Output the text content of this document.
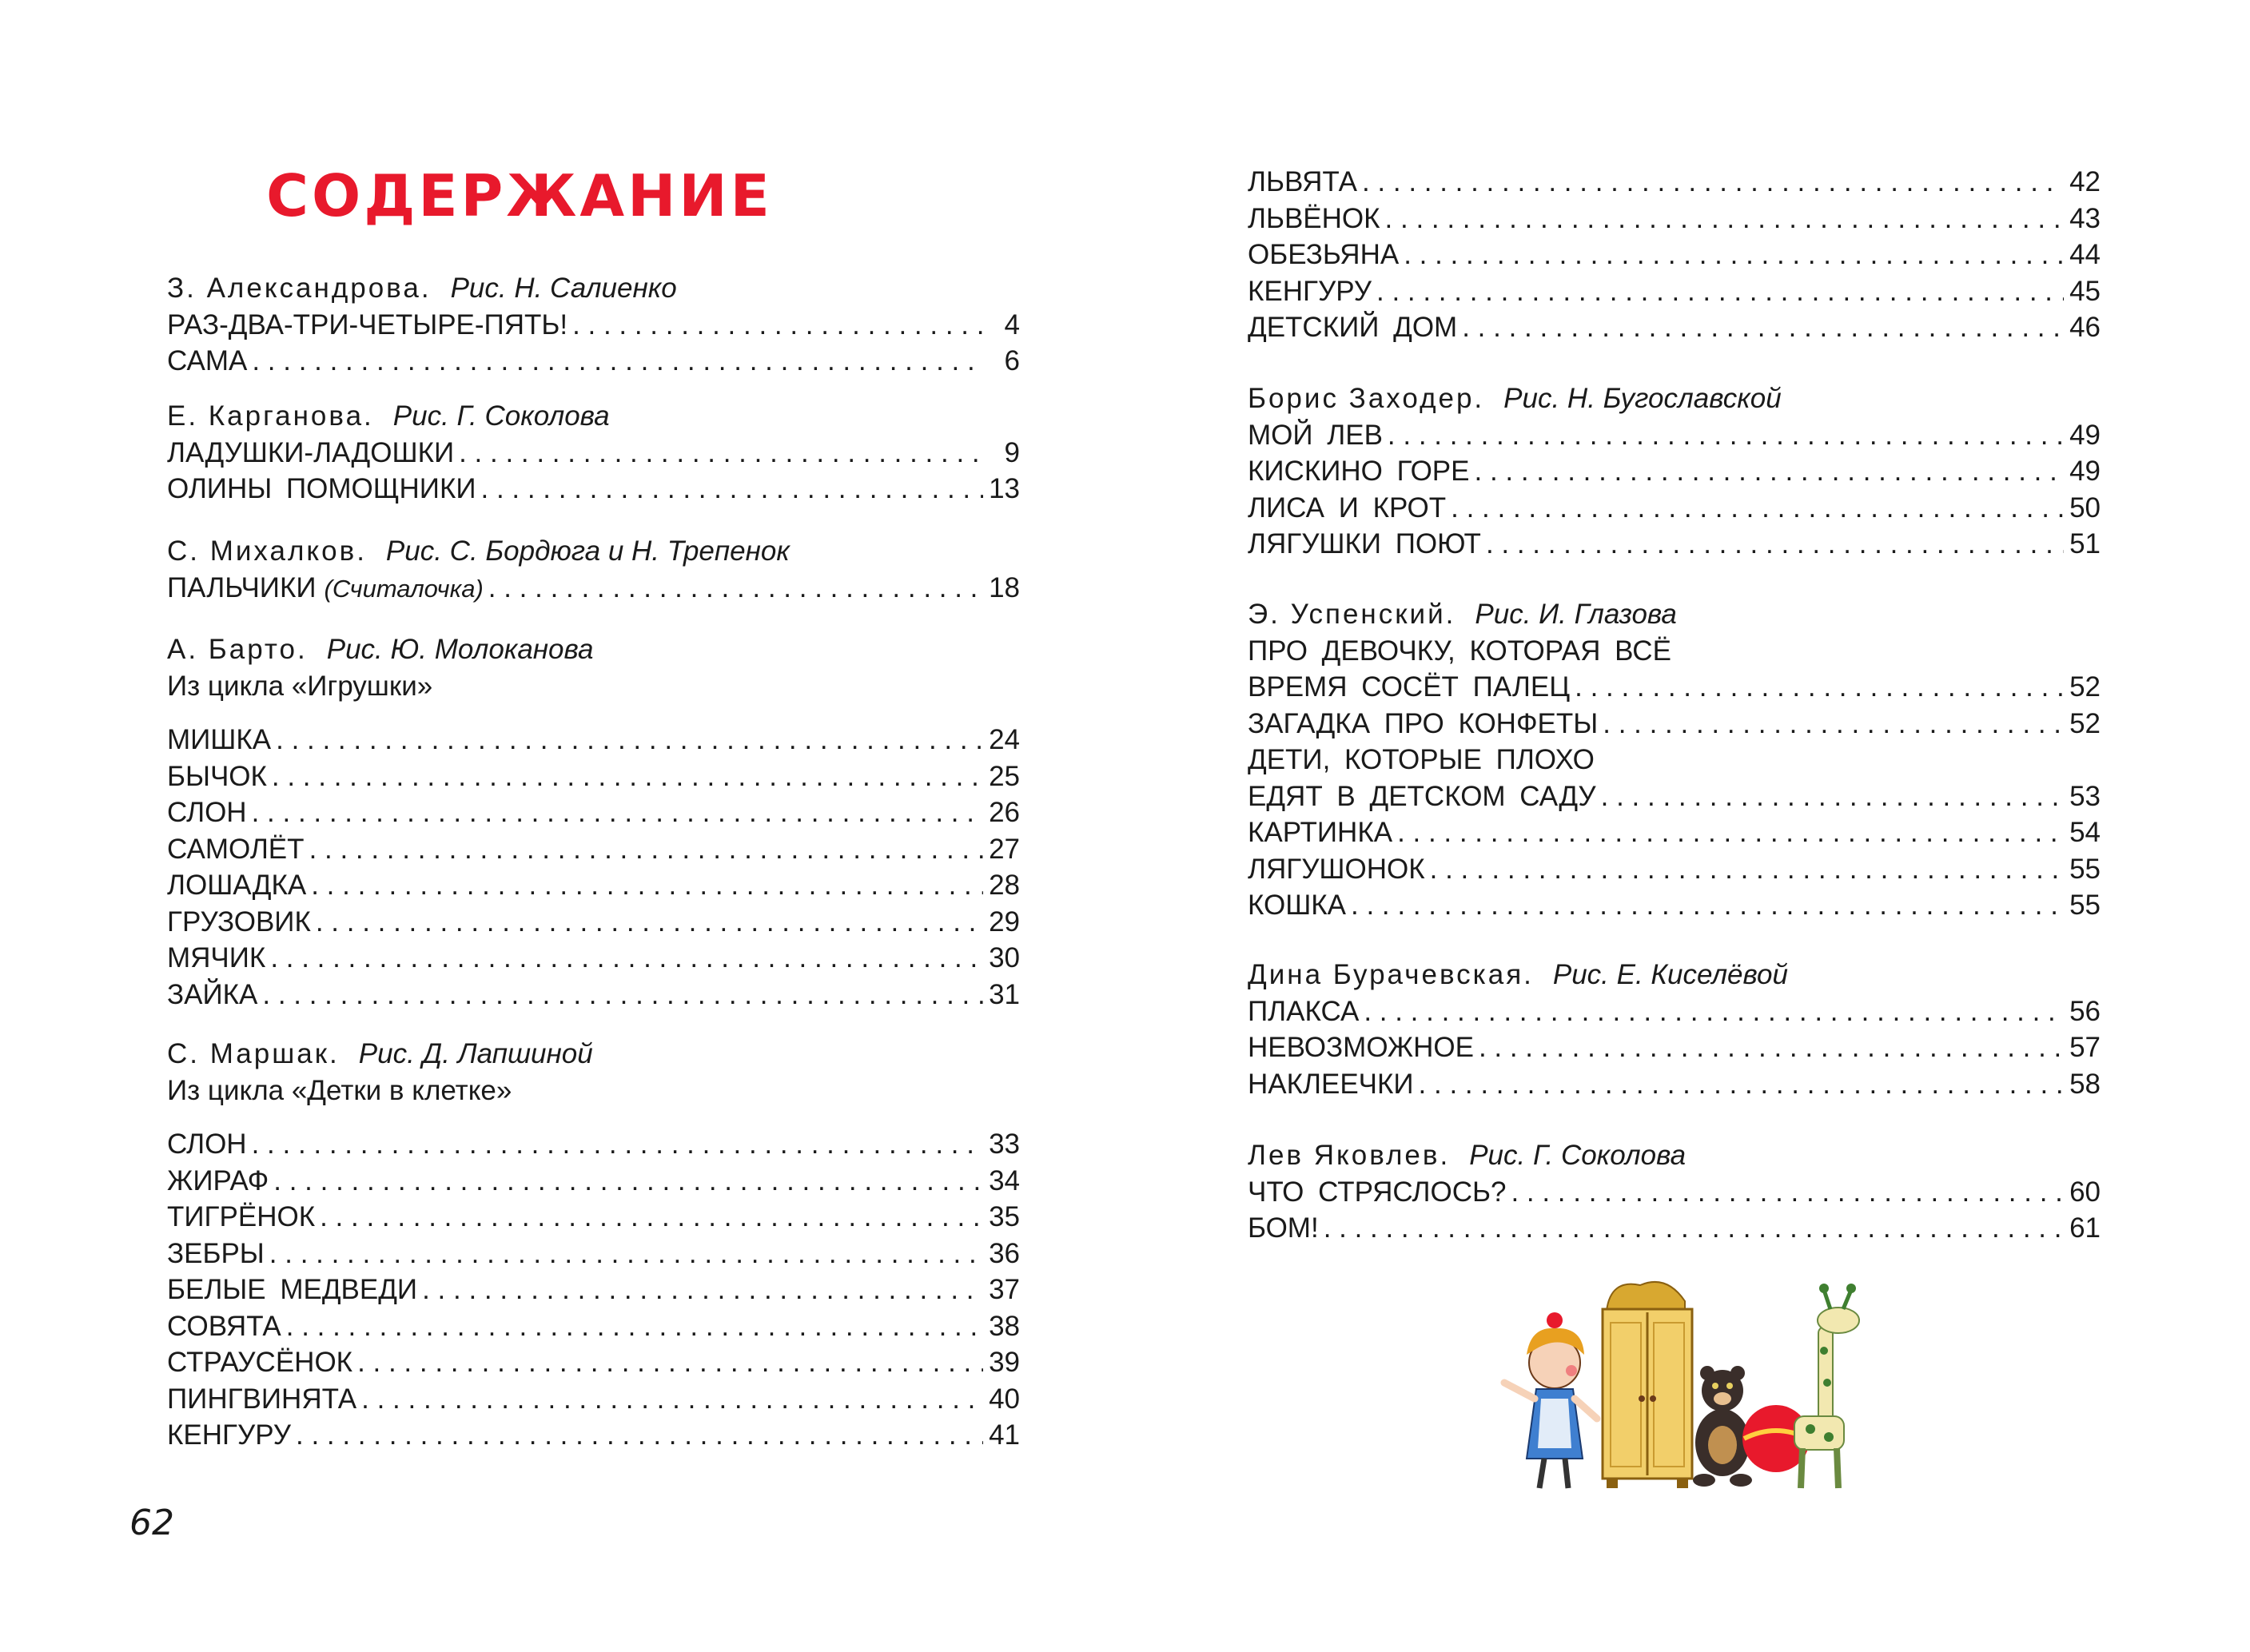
СОДЕРЖАНИЕ
З. Александрова. Рис. Н. Салиенко
РАЗ-ДВА-ТРИ-ЧЕТЫРЕ-ПЯТЬ! . . .	4
САМА . . .	6
Е. Карганова. Рис. Г. Соколова
ЛАДУШКИ-ЛАДОШКИ . . .	9
ОЛИНЫ ПОМОЩНИКИ . . .	13
С. Михалков. Рис. С. Бордюга и Н. Трепенок
ПАЛЬЧИКИ (Считалочка) . . .	18
А. Барто. Рис. Ю. Молоканова
Из цикла «Игрушки»
МИШКА . . .	24
БЫЧОК . . .	25
СЛОН . . .	26
САМОЛЁТ . . .	27
ЛОШАДКА . . .	28
ГРУЗОВИК . . .	29
МЯЧИК . . .	30
ЗАЙКА . . .	31
С. Маршак. Рис. Д. Лапшиной
Из цикла «Детки в клетке»
СЛОН . . .	33
ЖИРАФ . . .	34
ТИГРЁНОК . . .	35
ЗЕБРЫ . . .	36
БЕЛЫЕ МЕДВЕДИ . . .	37
СОВЯТА . . .	38
СТРАУСЁНОК . . .	39
ПИНГВИНЯТА . . .	40
КЕНГУРУ . . .	41
ЛЬВЯТА . . .	42
ЛЬВЁНОК . . .	43
ОБЕЗЬЯНА . . .	44
КЕНГУРУ . . .	45
ДЕТСКИЙ ДОМ . . .	46
Борис Заходер. Рис. Н. Бугославской
МОЙ ЛЕВ . . .	49
КИСКИНО ГОРЕ . . .	49
ЛИСА И КРОТ . . .	50
ЛЯГУШКИ ПОЮТ . . .	51
Э. Успенский. Рис. И. Глазова
ПРО ДЕВОЧКУ, КОТОРАЯ ВСЁ
ВРЕМЯ СОСЁТ ПАЛЕЦ . . .	52
ЗАГАДКА ПРО КОНФЕТЫ . . .	52
ДЕТИ, КОТОРЫЕ ПЛОХО
ЕДЯТ В ДЕТСКОМ САДУ . . .	53
КАРТИНКА . . .	54
ЛЯГУШОНОК . . .	55
КОШКА . . .	55
Дина Бурачевская. Рис. Е. Киселёвой
ПЛАКСА . . .	56
НЕВОЗМОЖНОЕ . . .	57
НАКЛЕЕЧКИ . . .	58
Лев Яковлев. Рис. Г. Соколова
ЧТО СТРЯСЛОСЬ? . . .	60
БОМ! . . .	61
62
